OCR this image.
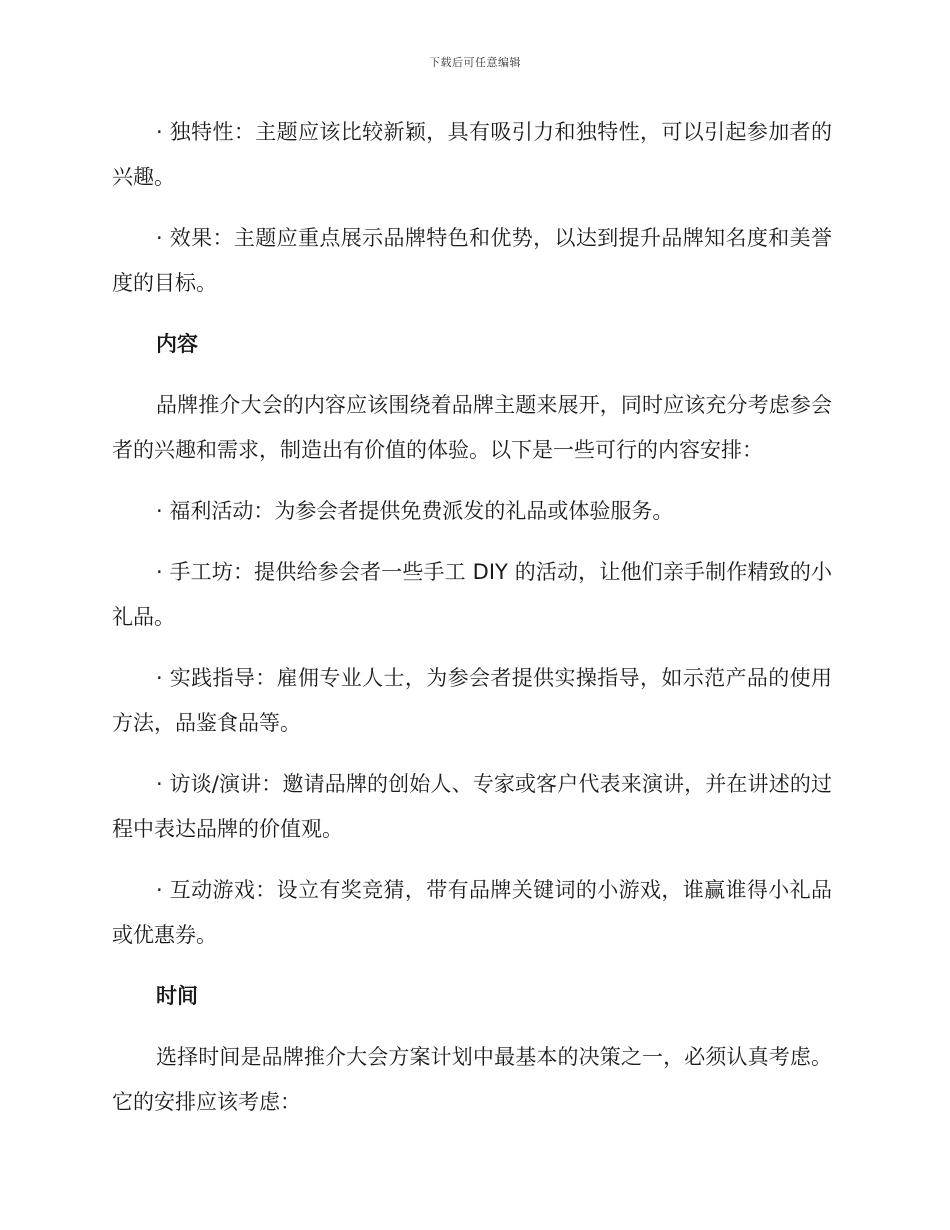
下载后可任意编辑

· 独特性：主题应该比较新颖，具有吸引力和独特性，可以引起参加者的兴趣。

· 效果：主题应重点展示品牌特色和优势，以达到提升品牌知名度和美誉度的目标。

内容

品牌推介大会的内容应该围绕着品牌主题来展开，同时应该充分考虑参会者的兴趣和需求，制造出有价值的体验。以下是一些可行的内容安排：

· 福利活动：为参会者提供免费派发的礼品或体验服务。

· 手工坊：提供给参会者一些手工 DIY 的活动，让他们亲手制作精致的小礼品。

· 实践指导：雇佣专业人士，为参会者提供实操指导，如示范产品的使用方法，品鉴食品等。

· 访谈/演讲：邀请品牌的创始人、专家或客户代表来演讲，并在讲述的过程中表达品牌的价值观。

· 互动游戏：设立有奖竞猜，带有品牌关键词的小游戏，谁赢谁得小礼品或优惠券。

时间

选择时间是品牌推介大会方案计划中最基本的决策之一，必须认真考虑。它的安排应该考虑：
